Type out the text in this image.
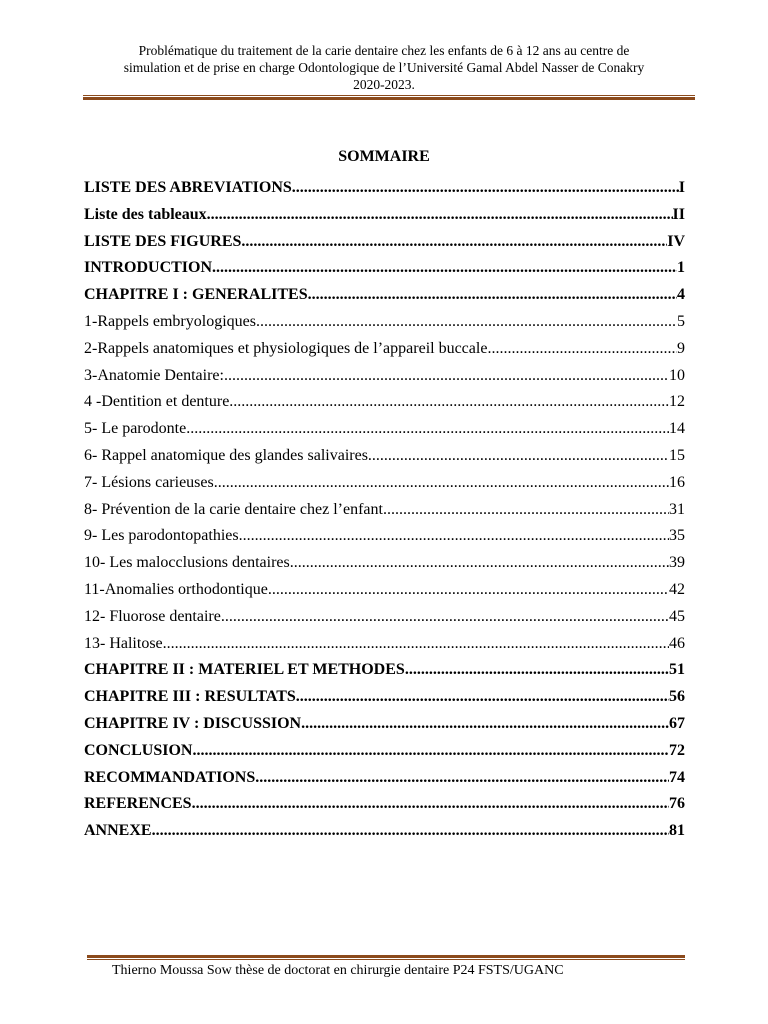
Problématique du traitement de la carie dentaire chez les enfants de 6 à 12 ans au centre de
simulation et de prise en charge Odontologique de l’Université Gamal Abdel Nasser de Conakry
2020-2023.
SOMMAIRE
LISTE DES ABREVIATIONS .....	I
Liste des tableaux .....	II
LISTE DES FIGURES .....	IV
INTRODUCTION .....	1
CHAPITRE I : GENERALITES .....	4
1-Rappels embryologiques .....	5
2-Rappels anatomiques et physiologiques de l’appareil buccale .....	9
3-Anatomie Dentaire: .....	10
4 -Dentition et denture .....	12
5- Le parodonte .....	14
6- Rappel anatomique des glandes salivaires .....	15
7- Lésions carieuses .....	16
8- Prévention de la carie dentaire chez l’enfant .....	31
9- Les parodontopathies .....	35
10- Les malocclusions dentaires .....	39
11-Anomalies orthodontique .....	42
12- Fluorose dentaire .....	45
13- Halitose .....	46
CHAPITRE II : MATERIEL ET METHODES .....	51
CHAPITRE III : RESULTATS .....	56
CHAPITRE IV : DISCUSSION .....	67
CONCLUSION .....	72
RECOMMANDATIONS .....	74
REFERENCES .....	76
ANNEXE .....	81
Thierno Moussa Sow thèse de doctorat en chirurgie dentaire P24 FSTS/UGANC
